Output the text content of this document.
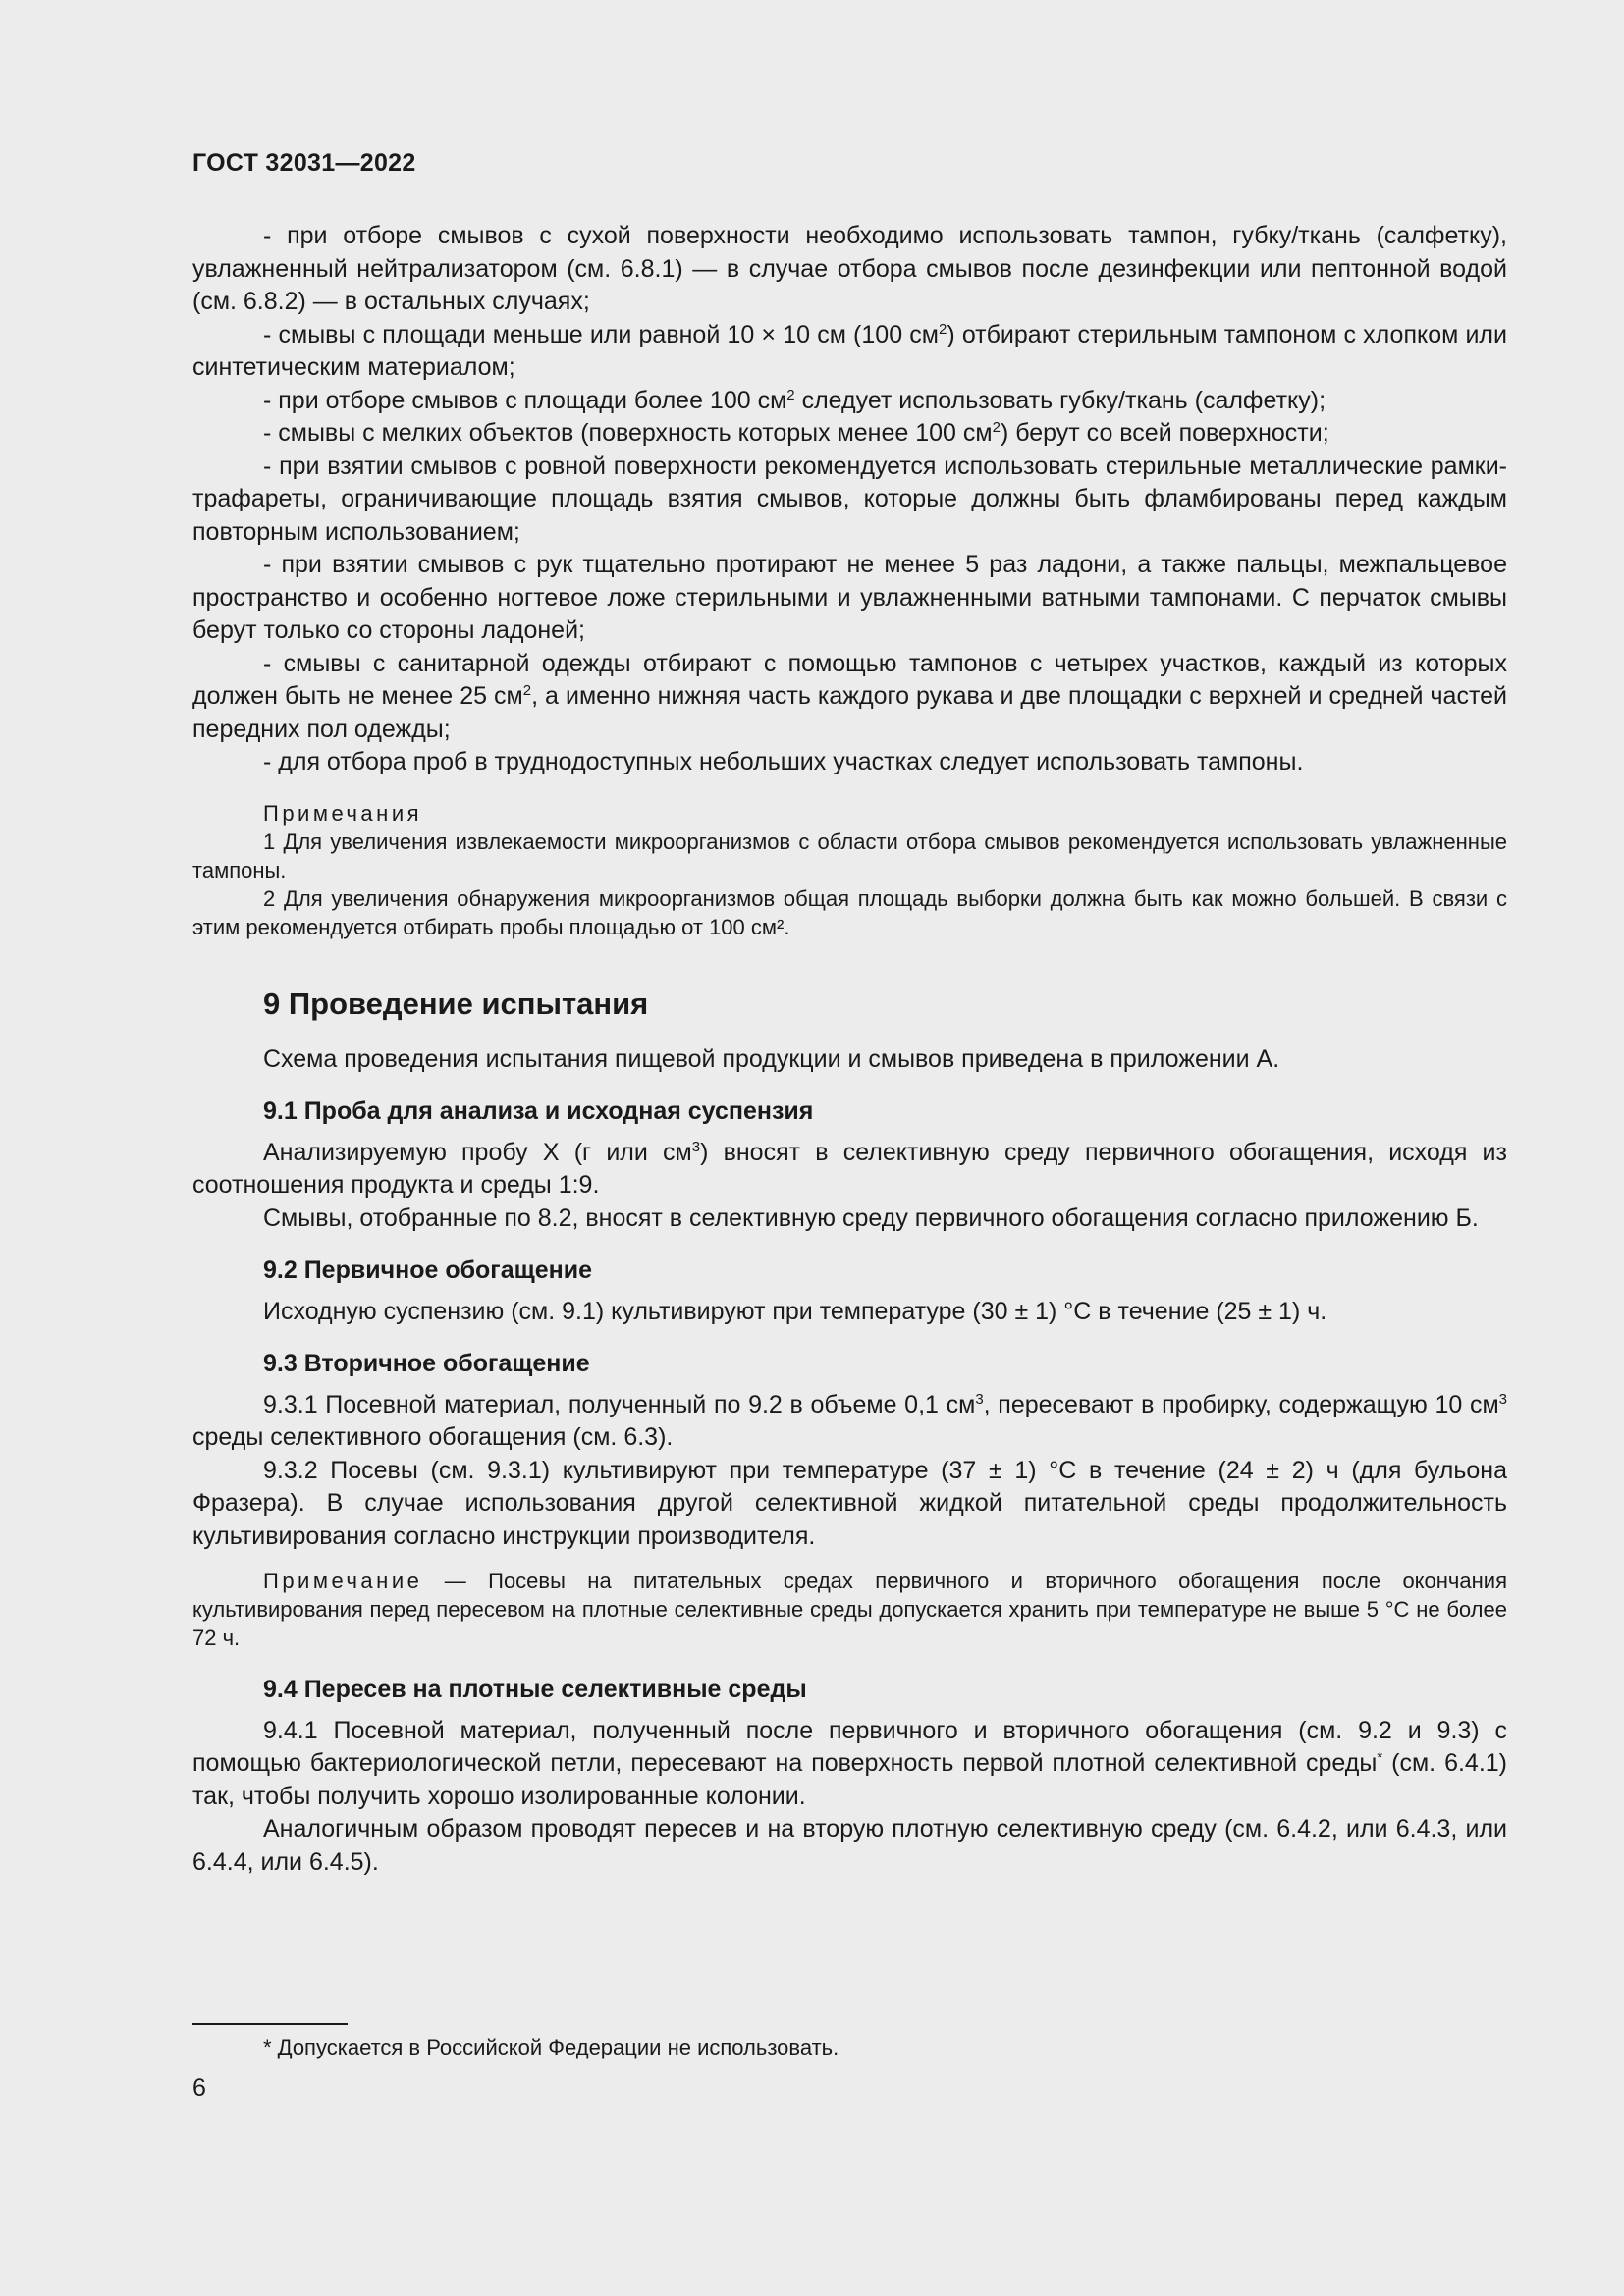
ГОСТ 32031—2022

- при отборе смывов с сухой поверхности необходимо использовать тампон, губку/ткань (салфетку), увлажненный нейтрализатором (см. 6.8.1) — в случае отбора смывов после дезинфекции или пептонной водой (см. 6.8.2) — в остальных случаях;

- смывы с площади меньше или равной 10 × 10 см (100 $см^2$) отбирают стерильным тампоном с хлопком или синтетическим материалом;

- при отборе смывов с площади более 100 $см^2$ следует использовать губку/ткань (салфетку);

- смывы с мелких объектов (поверхность которых менее 100 $см^2$) берут со всей поверхности;

- при взятии смывов с ровной поверхности рекомендуется использовать стерильные металлические рамки-трафареты, ограничивающие площадь взятия смывов, которые должны быть фламбированы перед каждым повторным использованием;

- при взятии смывов с рук тщательно протирают не менее 5 раз ладони, а также пальцы, межпальцевое пространство и особенно ногтевое ложе стерильными и увлажненными ватными тампонами. С перчаток смывы берут только со стороны ладоней;

- смывы с санитарной одежды отбирают с помощью тампонов с четырех участков, каждый из которых должен быть не менее 25 $см^2$, а именно нижняя часть каждого рукава и две площадки с верхней и средней частей передних пол одежды;

- для отбора проб в труднодоступных небольших участках следует использовать тампоны.

Примечания

1 Для увеличения извлекаемости микроорганизмов с области отбора смывов рекомендуется использовать увлажненные тампоны.

2 Для увеличения обнаружения микроорганизмов общая площадь выборки должна быть как можно большей. В связи с этим рекомендуется отбирать пробы площадью от 100 см².

9 Проведение испытания

Схема проведения испытания пищевой продукции и смывов приведена в приложении А.

9.1 Проба для анализа и исходная суспензия

Анализируемую пробу X (г или $см^3$) вносят в селективную среду первичного обогащения, исходя из соотношения продукта и среды 1:9.

Смывы, отобранные по 8.2, вносят в селективную среду первичного обогащения согласно приложению Б.

9.2 Первичное обогащение

Исходную суспензию (см. 9.1) культивируют при температуре (30 ± 1) °С в течение (25 ± 1) ч.

9.3 Вторичное обогащение

9.3.1 Посевной материал, полученный по 9.2 в объеме 0,1 $см^3$, пересевают в пробирку, содержащую 10 $см^3$ среды селективного обогащения (см. 6.3).

9.3.2 Посевы (см. 9.3.1) культивируют при температуре (37 ± 1) °С в течение (24 ± 2) ч (для бульона Фразера). В случае использования другой селективной жидкой питательной среды продолжительность культивирования согласно инструкции производителя.

Примечание — Посевы на питательных средах первичного и вторичного обогащения после окончания культивирования перед пересевом на плотные селективные среды допускается хранить при температуре не выше 5 °С не более 72 ч.

9.4 Пересев на плотные селективные среды

9.4.1 Посевной материал, полученный после первичного и вторичного обогащения (см. 9.2 и 9.3) с помощью бактериологической петли, пересевают на поверхность первой плотной селективной среды* (см. 6.4.1) так, чтобы получить хорошо изолированные колонии.

Аналогичным образом проводят пересев и на вторую плотную селективную среду (см. 6.4.2, или 6.4.3, или 6.4.4, или 6.4.5).

* Допускается в Российской Федерации не использовать.
6
